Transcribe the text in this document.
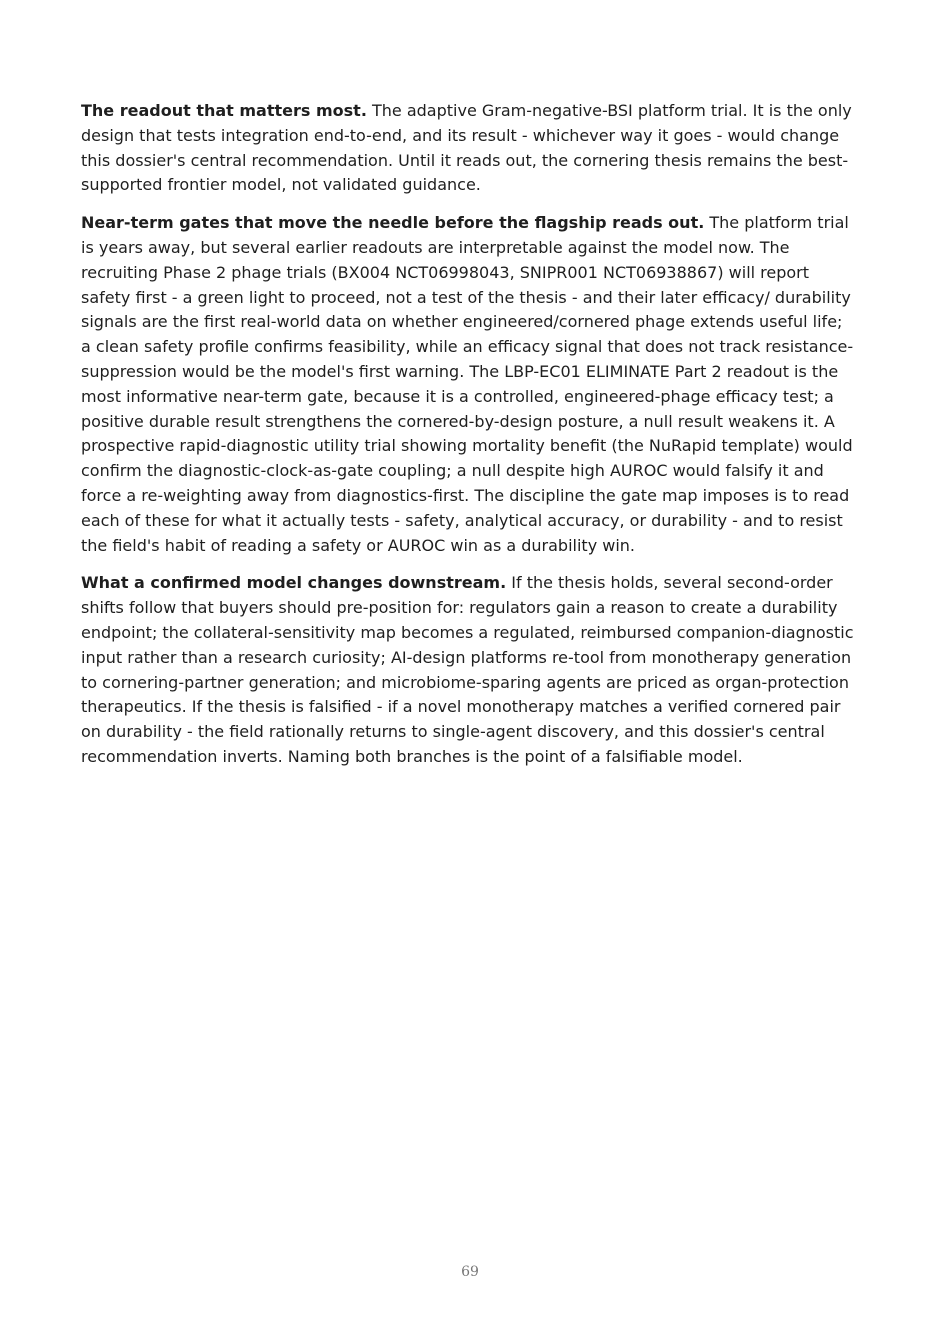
The readout that matters most. The adaptive Gram-negative-BSI platform trial. It is the only design that tests integration end-to-end, and its result - whichever way it goes - would change this dossier's central recommendation. Until it reads out, the cornering thesis remains the best-supported frontier model, not validated guidance.

Near-term gates that move the needle before the flagship reads out. The platform trial is years away, but several earlier readouts are interpretable against the model now. The recruiting Phase 2 phage trials (BX004 NCT06998043, SNIPR001 NCT06938867) will report safety first - a green light to proceed, not a test of the thesis - and their later efficacy/ durability signals are the first real-world data on whether engineered/cornered phage extends useful life; a clean safety profile confirms feasibility, while an efficacy signal that does not track resistance-suppression would be the model's first warning. The LBP-EC01 ELIMINATE Part 2 readout is the most informative near-term gate, because it is a controlled, engineered-phage efficacy test; a positive durable result strengthens the cornered-by-design posture, a null result weakens it. A prospective rapid-diagnostic utility trial showing mortality benefit (the NuRapid template) would confirm the diagnostic-clock-as-gate coupling; a null despite high AUROC would falsify it and force a re-weighting away from diagnostics-first. The discipline the gate map imposes is to read each of these for what it actually tests - safety, analytical accuracy, or durability - and to resist the field's habit of reading a safety or AUROC win as a durability win.

What a confirmed model changes downstream. If the thesis holds, several second-order shifts follow that buyers should pre-position for: regulators gain a reason to create a durability endpoint; the collateral-sensitivity map becomes a regulated, reimbursed companion-diagnostic input rather than a research curiosity; AI-design platforms re-tool from monotherapy generation to cornering-partner generation; and microbiome-sparing agents are priced as organ-protection therapeutics. If the thesis is falsified - if a novel monotherapy matches a verified cornered pair on durability - the field rationally returns to single-agent discovery, and this dossier's central recommendation inverts. Naming both branches is the point of a falsifiable model.

69
